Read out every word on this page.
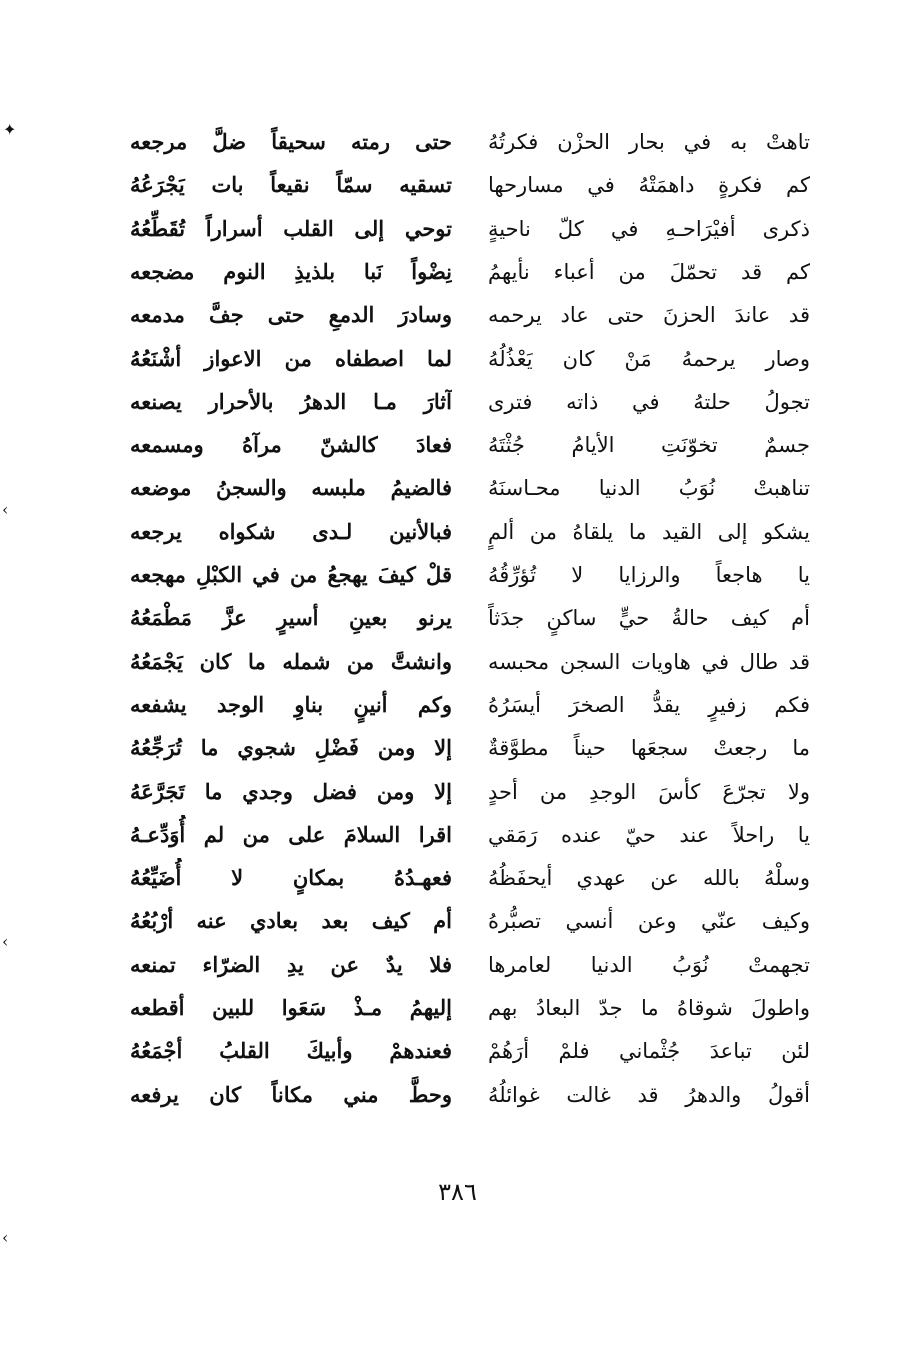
✦
‹
‹
‹
تاهتْ به في بحار الحزْن فكرتُهُ
حتى رمته سحيقاً ضلَّ مرجعه
كم فكرةٍ داهمَتْهُ في مسارحها
تسقيه سمّاً نقيعاً بات يَجْرَعُهُ
ذكرى أفيْرَاحـهِ في كلّ ناحيةٍ
توحي إلى القلب أسراراً تُقَطِّعُهُ
كم قد تحمّلَ من أعباء نأيهمُ
نِضْواً نَبا بلذيذِ النوم مضجعه
قد عاندَ الحزنَ حتى عاد يرحمه
وسادرَ الدمعِ حتى جفَّ مدمعه
وصار يرحمهُ مَنْ كان يَعْذُلُهُ
لما اصطفاه من الاعواز أشْنَعُهُ
تجولُ حلتهُ في ذاته فترى
آثارَ مـا الدهرُ بالأحرار يصنعه
جسمٌ تخوّنَتِ الأيامُ جُثْتَهُ
فعادَ كالشنّ مرآهُ ومسمعه
تناهبتْ نُوَبُ الدنيا محـاسنَهُ
فالضيمُ ملبسه والسجنُ موضعه
يشكو إلى القيد ما يلقاهُ من ألمٍ
فبالأنين لـدى شكواه يرجعه
يا هاجعاً والرزايا لا تُؤرِّقُهُ
قلْ كيفَ يهجعُ من في الكبْلِ مهجعه
أم كيف حالةُ حيٍّ ساكنٍ جدَثاً
يرنو بعينِ أسيرٍ عزَّ مَطْمَعُهُ
قد طال في هاويات السجن محبسه
وانشتَّ من شمله ما كان يَجْمَعُهُ
فكم زفيرٍ يقدُّ الصخرَ أيسَرُهُ
وكم أنينٍ بناوِ الوجد يشفعه
ما رجعتْ سجعَها حيناً مطوَّقةٌ
إلا ومن فَضْلِ شجوي ما تُرَجِّعُهُ
ولا تجرّعَ كأسَ الوجدِ من أحدٍ
إلا ومن فضل وجدي ما تَجَرَّعَهُ
يا راحلاً عند حيّ عنده رَمَقي
اقرا السلامَ على من لم أُوَدِّعـهُ
وسلْهُ بالله عن عهدي أيحفَظُهُ
فعهـدُهُ بمكانٍ لا أُضَيِّعُهُ
وكيف عنّي وعن أنسي تصبُّرهُ
أم كيف بعد بعادي عنه أرْبُعُهُ
تجهمتْ نُوَبُ الدنيا لعامرها
فلا يدٌ عن يدِ الضرّاء تمنعه
واطولَ شوقاهُ ما جدّ البعادُ بهم
إليهمُ مـذْ سَعَوا للبين أقطعه
لئن تباعدَ جُثْماني فلمْ أرَهُمْ
فعندهمْ وأبيكَ القلبُ أجْمَعُهُ
أقولُ والدهرُ قد غالت غوائلُهُ
وحطَّ مني مكاناً كان يرفعه
٣٨٦
